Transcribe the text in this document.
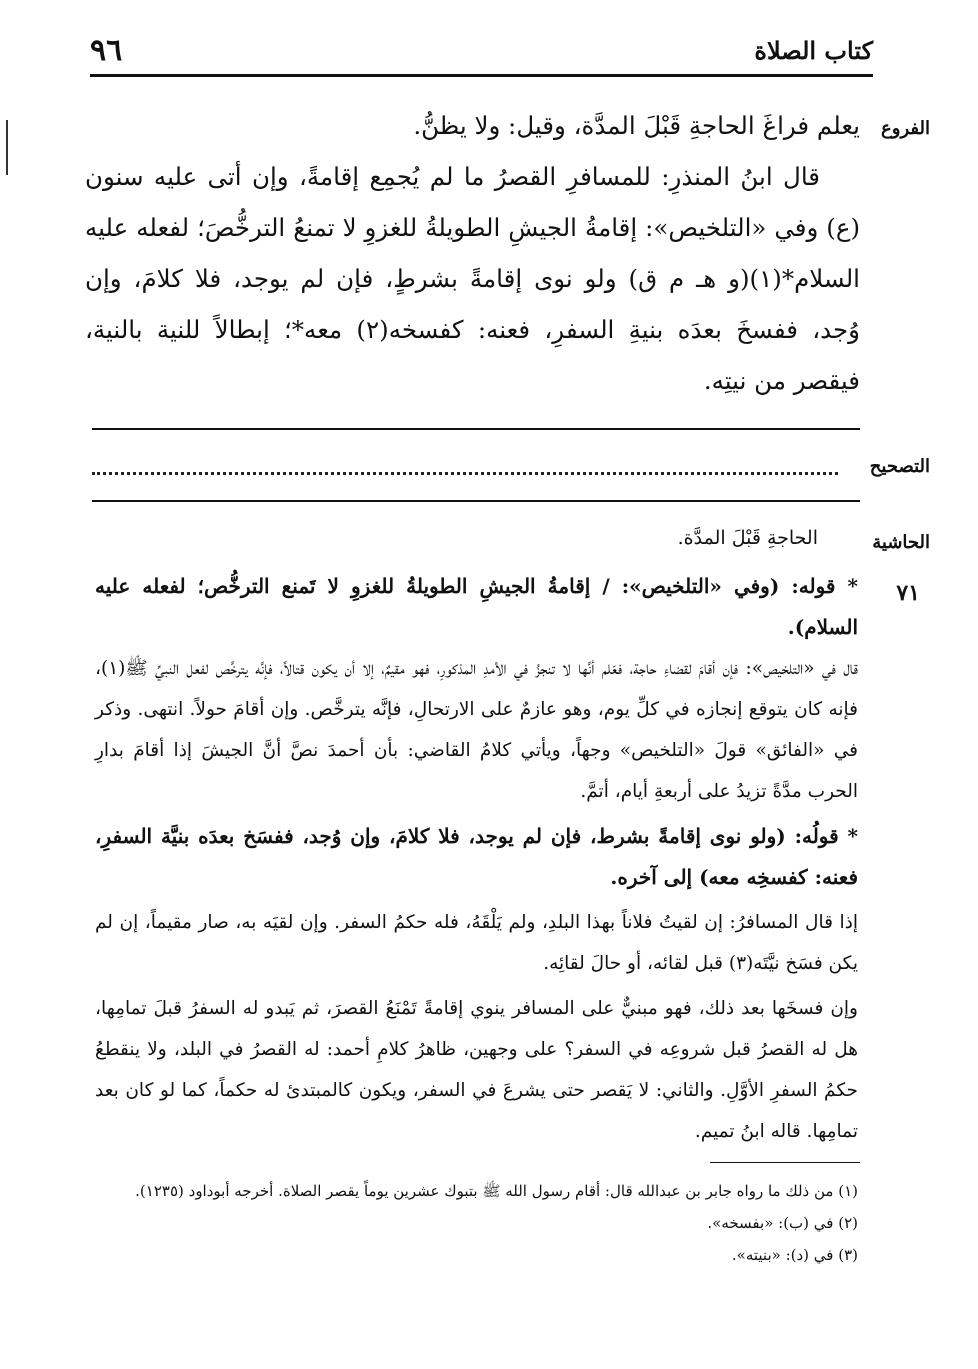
كتاب الصلاة
٩٦
الفروع

يعلم فراغَ الحاجةِ قَبْلَ المدَّة، وقيل: ولا يظنُّ.

قال ابنُ المنذرِ: للمسافرِ القصرُ ما لم يُجمِع إقامةً، وإن أتى عليه سنون (ع) وفي «التلخيص»: إقامةُ الجيشِ الطويلةُ للغزوِ لا تمنعُ الترخُّصَ؛ لفعله عليه السلام*(١)(و هـ م ق) ولو نوى إقامةً بشرطٍ، فإن لم يوجد، فلا كلامَ، وإن وُجد، ففسخَ بعدَه بنيةِ السفرِ، فعنه: كفسخه(٢) معه*؛ إبطالاً للنية بالنية، فيقصر من نيتِه.

التصحيح
الحاشية
الحاجةِ قَبْلَ المدَّة.
٧١

* قوله: (وفي «التلخيص»: / إقامةُ الجيشِ الطويلةُ للغزوِ لا تَمنع الترخُّص؛ لفعله عليه السلام).

قال في «التلخيص»: فإن أقامَ لقضاءِ حاجة، فعَلم أنَّها لا تنجزُ في الأمدِ المذكورِ، فهو مقيمٌ، إلا أن يكون قتالاً، فإنَّه يترخَّص لفعل النبيِّ ﷺ(١)، فإنه كان يتوقع إنجازه في كلِّ يوم، وهو عازمٌ على الارتحالِ، فإنَّه يترخَّص. وإن أقامَ حولاً. انتهى. وذكر في «الفائق» قولَ «التلخيص» وجهاً، ويأتي كلامُ القاضي: بأن أحمدَ نصَّ أنَّ الجيشَ إذا أقامَ بدارِ الحرب مدَّةً تزيدُ على أربعةِ أيام، أتمَّ.

* قولُه: (ولو نوى إقامةً بشرط، فإن لم يوجد، فلا كلامَ، وإن وُجد، ففسَخ بعدَه بنيَّة السفرِ، فعنه: كفسخِه معه) إلى آخره.

إذا قال المسافرُ: إن لقيتُ فلاناً بهذا البلدِ، ولم يَلْقَهُ، فله حكمُ السفر. وإن لقيَه به، صار مقيماً، إن لم يكن فسَخ نيَّتَه(٣) قبل لقائه، أو حالَ لقائِه.

وإن فسخَها بعد ذلك، فهو مبنيٌّ على المسافر ينوي إقامةً تَمْنَعُ القصرَ، ثم يَبدو له السفرُ قبلَ تمامِها، هل له القصرُ قبل شروعِه في السفر؟ على وجهين، ظاهرُ كلامِ أحمد: له القصرُ في البلد، ولا ينقطعُ حكمُ السفرِ الأوَّلِ. والثاني: لا يَقصر حتى يشرعَ في السفر، ويكون كالمبتدئ له حكماً، كما لو كان بعد تمامِها. قاله ابنُ تميم.

(١) من ذلك ما رواه جابر بن عبدالله قال: أقام رسول الله ﷺ بتبوك عشرين يوماً يقصر الصلاة. أخرجه أبوداود (١٢٣٥).

(٢) في (ب): «بفسخه».

(٣) في (د): «بنيته».
